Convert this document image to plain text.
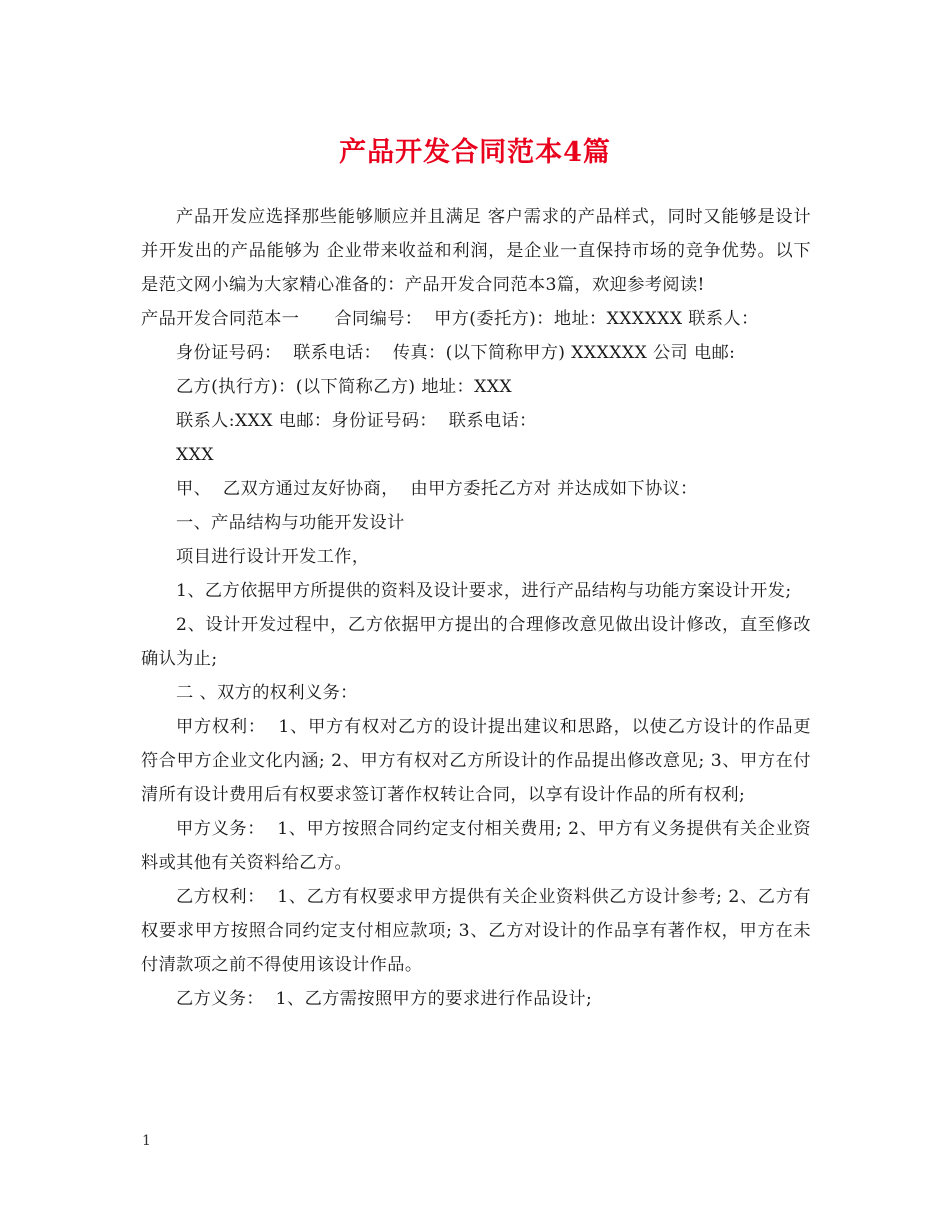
产品开发合同范本4篇

产品开发应选择那些能够顺应并且满足 客户需求的产品样式，同时又能够是设计并开发出的产品能够为 企业带来收益和利润，是企业一直保持市场的竞争优势。以下是范文网小编为大家精心准备的：产品开发合同范本3篇，欢迎参考阅读!

产品开发合同范本一      合同编号：  甲方(委托方)：地址：XXXXXX 联系人：

身份证号码：  联系电话：  传真：(以下简称甲方) XXXXXX 公司 电邮:

乙方(执行方)：(以下简称乙方) 地址：XXX

联系人:XXX 电邮：身份证号码：  联系电话：

XXX

甲、  乙双方通过友好协商，  由甲方委托乙方对 并达成如下协议：

一、产品结构与功能开发设计

项目进行设计开发工作，

1、乙方依据甲方所提供的资料及设计要求，进行产品结构与功能方案设计开发;

2、设计开发过程中，乙方依据甲方提出的合理修改意见做出设计修改，直至修改确认为止;

二 、双方的权利义务：

甲方权利：  1、甲方有权对乙方的设计提出建议和思路，以使乙方设计的作品更符合甲方企业文化内涵; 2、甲方有权对乙方所设计的作品提出修改意见; 3、甲方在付清所有设计费用后有权要求签订著作权转让合同，以享有设计作品的所有权利;

甲方义务：  1、甲方按照合同约定支付相关费用; 2、甲方有义务提供有关企业资料或其他有关资料给乙方。

乙方权利：  1、乙方有权要求甲方提供有关企业资料供乙方设计参考; 2、乙方有权要求甲方按照合同约定支付相应款项; 3、乙方对设计的作品享有著作权，甲方在未付清款项之前不得使用该设计作品。

乙方义务：  1、乙方需按照甲方的要求进行作品设计;

1
